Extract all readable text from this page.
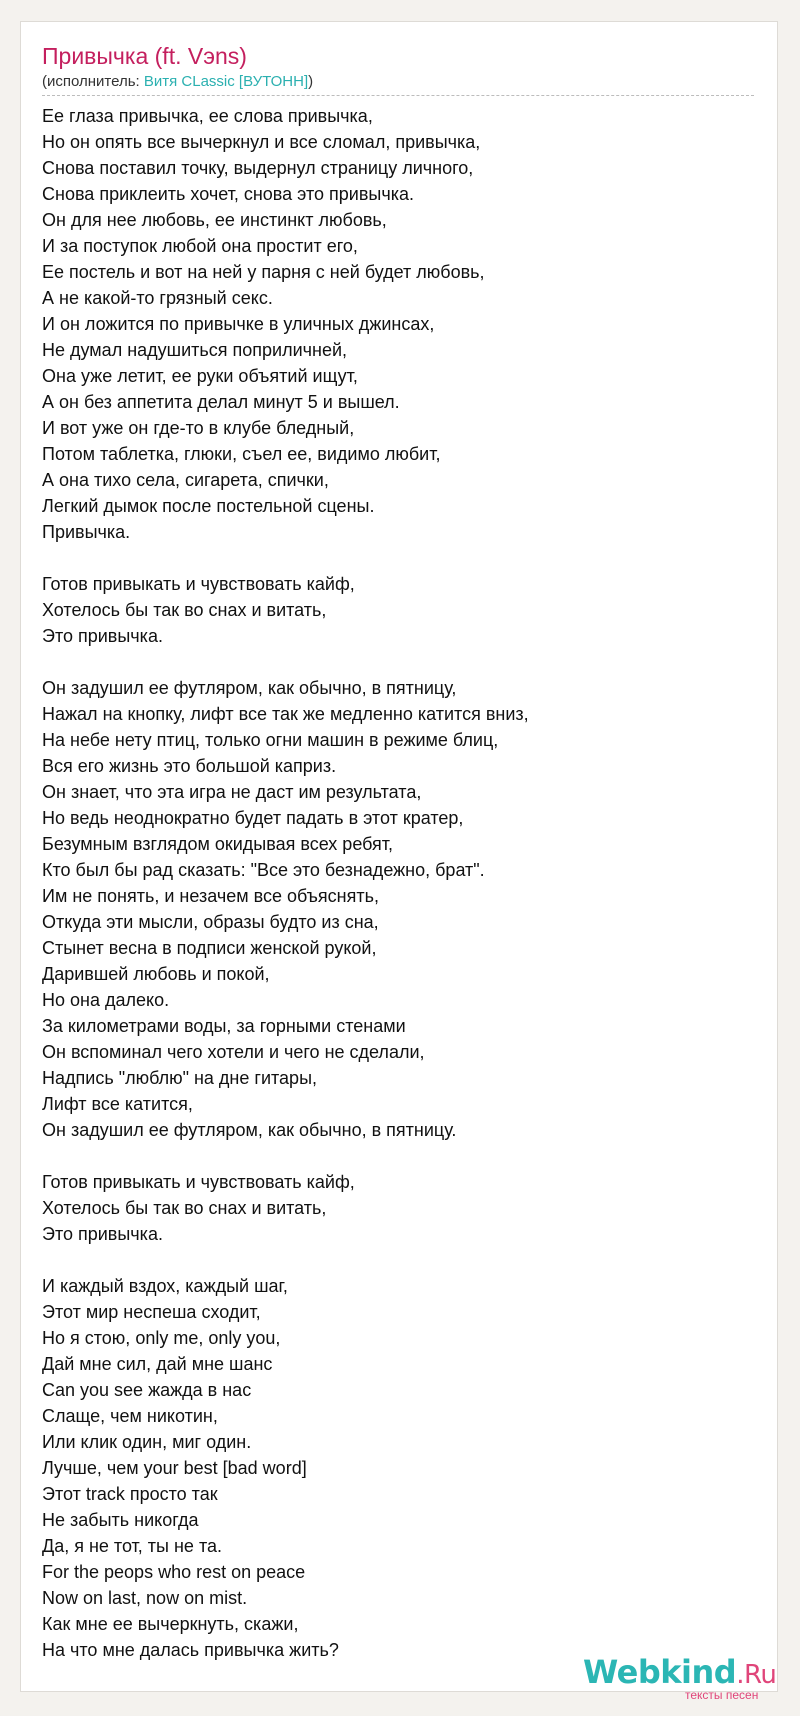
Привычка (ft. Vэns)
(исполнитель: Витя CLassic [ВУТОНН])
Ее глаза привычка, ее слова привычка,
Но он опять все вычеркнул и все сломал, привычка,
Снова поставил точку, выдернул страницу личного,
Снова приклеить хочет, снова это привычка.
Он для нее любовь, ее инстинкт любовь,
И за поступок любой она простит его,
Ее постель и вот на ней у парня с ней будет любовь,
А не какой-то грязный секс.
И он ложится по привычке в уличных джинсах,
Не думал надушиться поприличней,
Она уже летит, ее руки объятий ищут,
А он без аппетита делал минут 5 и вышел.
И вот уже он где-то в клубе бледный,
Потом таблетка, глюки, съел ее, видимо любит,
А она тихо села, сигарета, спички,
Легкий дымок после постельной сцены.
Привычка.
Готов привыкать и чувствовать кайф,
Хотелось бы так во снах и витать,
Это привычка.
Он задушил ее футляром, как обычно, в пятницу,
Нажал на кнопку, лифт все так же медленно катится вниз,
На небе нету птиц, только огни машин в режиме блиц,
Вся его жизнь это большой каприз.
Он знает, что эта игра не даст им результата,
Но ведь неоднократно будет падать в этот кратер,
Безумным взглядом окидывая всех ребят,
Кто был бы рад сказать: "Все это безнадежно, брат".
Им не понять, и незачем все объяснять,
Откуда эти мысли, образы будто из сна,
Стынет весна в подписи женской рукой,
Дарившей любовь и покой,
Но она далеко.
За километрами воды, за горными стенами
Он вспоминал чего хотели и чего не сделали,
Надпись "люблю" на дне гитары,
Лифт все катится,
Он задушил ее футляром, как обычно, в пятницу.
Готов привыкать и чувствовать кайф,
Хотелось бы так во снах и витать,
Это привычка.
И каждый вздох, каждый шаг,
Этот мир неспеша сходит,
Но я стою, only me, only you,
Дай мне сил, дай мне шанс
Can you see жажда в нас
Слаще, чем никотин,
Или клик один, миг один.
Лучше, чем your best [bad word]
Этот track просто так
Не забыть никогда
Да, я не тот, ты не та.
For the peops who rest on peace
Now on last, now on mist.
Как мне ее вычеркнуть, скажи,
На что мне далась привычка жить?
Webkind.Ru
тексты песен
